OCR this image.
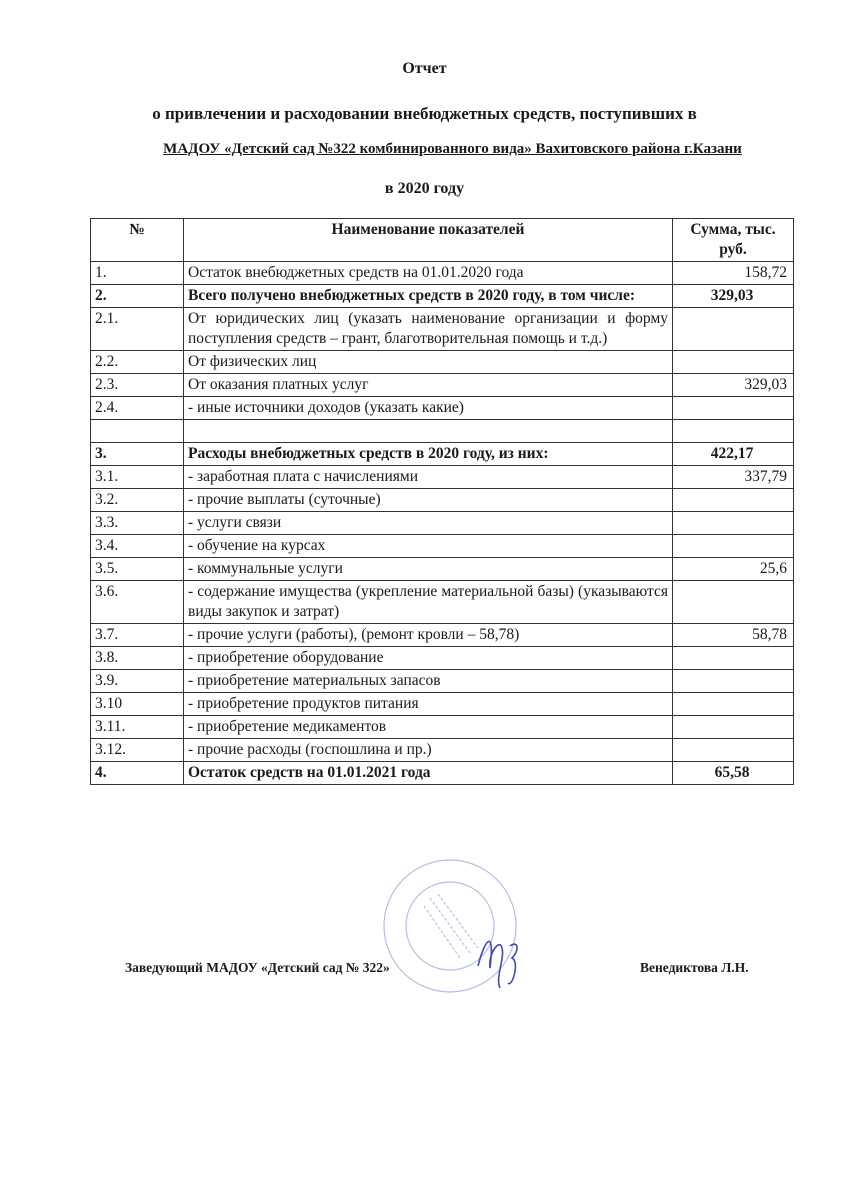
Отчет
о привлечении и расходовании внебюджетных средств, поступивших в
МАДОУ «Детский сад №322 комбинированного вида» Вахитовского района г.Казани
в 2020 году
№	Наименование показателей	Сумма, тыс. руб.
1.	Остаток внебюджетных средств на 01.01.2020 года	158,72
2.	Всего получено внебюджетных средств в 2020 году, в том числе:	329,03
2.1.	От юридических лиц (указать наименование организации и форму поступления средств – грант, благотворительная помощь и т.д.)	
2.2.	От физических лиц	
2.3.	От оказания платных услуг	329,03
2.4.	- иные источники доходов (указать какие)	

3.	Расходы внебюджетных средств в 2020 году, из них:	422,17
3.1.	- заработная плата с начислениями	337,79
3.2.	- прочие выплаты (суточные)	
3.3.	- услуги связи	
3.4.	- обучение на курсах	
3.5.	- коммунальные услуги	25,6
3.6.	- содержание имущества (укрепление материальной базы) (указываются виды закупок и затрат)	
3.7.	- прочие услуги (работы), (ремонт кровли – 58,78)	58,78
3.8.	- приобретение оборудование	
3.9.	- приобретение материальных запасов	
3.10	- приобретение продуктов питания	
3.11.	- приобретение медикаментов	
3.12.	- прочие расходы (госпошлина и пр.)	
4.	Остаток средств на 01.01.2021 года	65,58
Заведующий МАДОУ «Детский сад № 322»	Венедиктова Л.Н.
